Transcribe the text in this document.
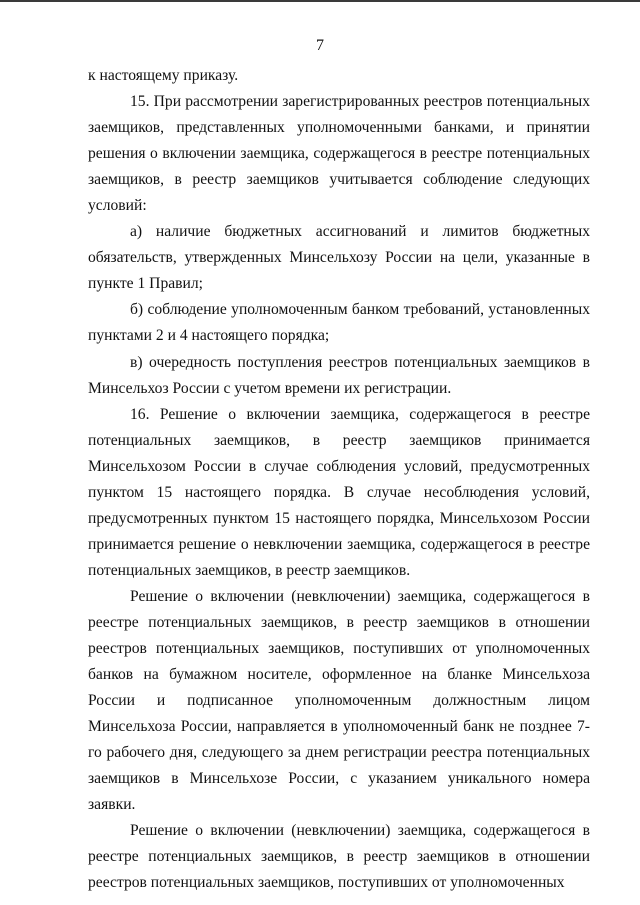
7

к настоящему приказу.

15. При рассмотрении зарегистрированных реестров потенциальных заемщиков, представленных уполномоченными банками, и принятии решения о включении заемщика, содержащегося в реестре потенциальных заемщиков, в реестр заемщиков учитывается соблюдение следующих условий:

а) наличие бюджетных ассигнований и лимитов бюджетных обязательств, утвержденных Минсельхозу России на цели, указанные в пункте 1 Правил;

б) соблюдение уполномоченным банком требований, установленных пунктами 2 и 4 настоящего порядка;

в) очередность поступления реестров потенциальных заемщиков в Минсельхоз России с учетом времени их регистрации.

16. Решение о включении заемщика, содержащегося в реестре потенциальных заемщиков, в реестр заемщиков принимается Минсельхозом России в случае соблюдения условий, предусмотренных пунктом 15 настоящего порядка. В случае несоблюдения условий, предусмотренных пунктом 15 настоящего порядка, Минсельхозом России принимается решение о невключении заемщика, содержащегося в реестре потенциальных заемщиков, в реестр заемщиков.

Решение о включении (невключении) заемщика, содержащегося в реестре потенциальных заемщиков, в реестр заемщиков в отношении реестров потенциальных заемщиков, поступивших от уполномоченных банков на бумажном носителе, оформленное на бланке Минсельхоза России и подписанное уполномоченным должностным лицом Минсельхоза России, направляется в уполномоченный банк не позднее 7-го рабочего дня, следующего за днем регистрации реестра потенциальных заемщиков в Минсельхозе России, с указанием уникального номера заявки.

Решение о включении (невключении) заемщика, содержащегося в реестре потенциальных заемщиков, в реестр заемщиков в отношении реестров потенциальных заемщиков, поступивших от уполномоченных
